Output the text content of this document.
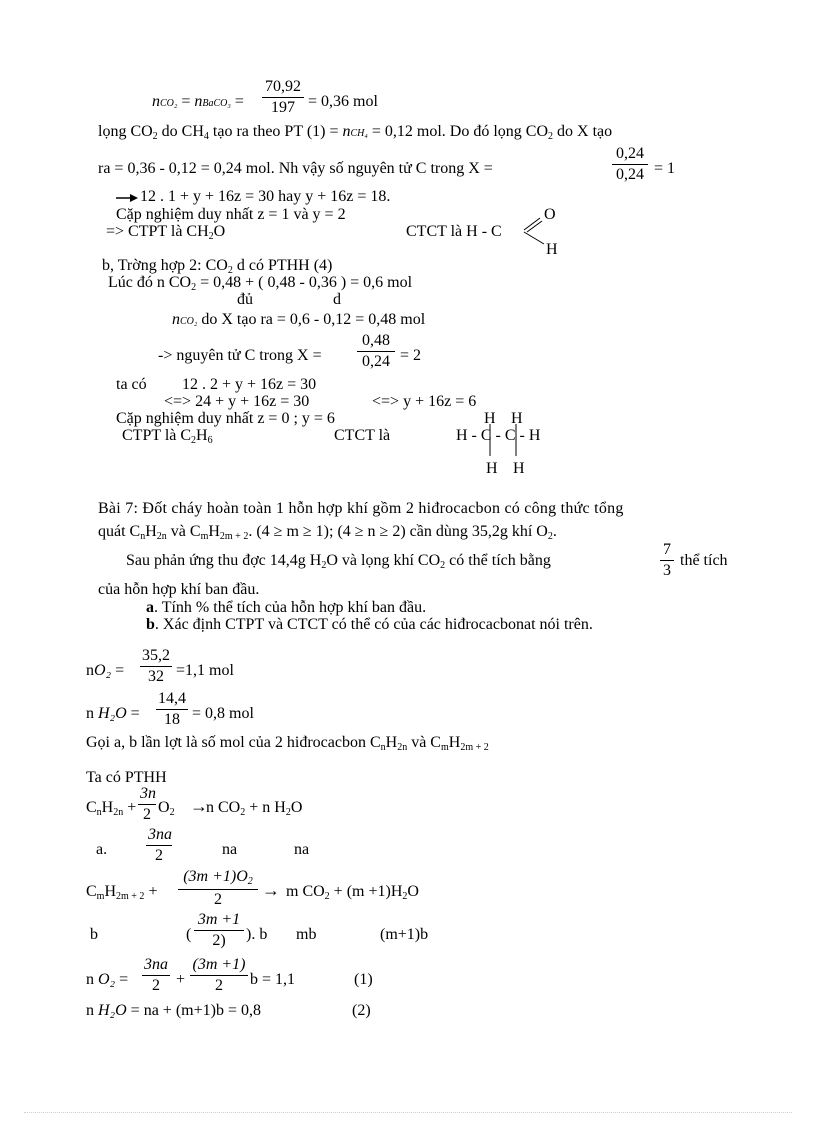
nCO₂ = nBaCO₃ =
70,92
197 = 0,36 mol
lọng $CO_2$ do $CH_4$ tạo ra theo PT (1) = nCH₄ = 0,12 mol. Do đó lọng $CO_2$ do X tạo
ra = 0,36 - 0,12 = 0,24 mol. Nh vậy số nguyên tử C trong X =
0,24
0,24 = 1
12 . 1 + y + 16z = 30 hay y + 16z = 18.
Cặp nghiệm duy nhất z = 1 và y = 2
=> CTPT là $CH_2O$	CTCT là H - C
O
H
b, Trờng hợp 2: $CO_2$ d có PTHH (4)
Lúc đó n $CO_2 = 0,48$ + ( 0,48 - 0,36 ) = 0,6 mol
đủ	d
nCO₂ do X tạo ra = 0,6 - 0,12 = 0,48 mol
-> nguyên tử C trong X =
0,48
0,24 = 2
ta có 12 . 2 + y + 16z = 30
<=> 24 + y + 16z = 30	<=> y + 16z = 6
Cặp nghiệm duy nhất z = 0 ; y = 6	H H
CTPT là $C_2H_6$	CTCT là	H - C - C - H
H H
Bài 7: Đốt cháy hoàn toàn 1 hỗn hợp khí gồm 2 hiđrocacbon có công thức tổng
quát $C_nH_{2n}$ và $C_mH_{2m + 2}$. (4 ≥ m ≥ 1); (4 ≥ n ≥ 2) cần dùng 35,2g khí $O_2$.
Sau phản ứng thu đợc 14,4g $H_2O$ và lọng khí $CO_2$ có thể tích bằng
7
3
thể tích
của hỗn hợp khí ban đầu.
a. Tính % thể tích của hỗn hợp khí ban đầu.
b. Xác định CTPT và CTCT có thể có của các hiđrocacbonat nói trên.
nO₂ =
35,2
32 =1,1 mol
n H₂O =
14,4
18 = 0,8 mol
Gọi a, b lần lợt là số mol của 2 hiđrocacbon $C_nH_{2n}$ và $C_mH_{2m + 2}$
Ta có PTHH
$C_nH_{2n}$ +
3n
2 $O_2$ →
n $CO_2 + n$ $H_2O$
a.
3na
2	na	na
$C_mH_{2m + 2}$ +
$(3m +1)O_2$
2	→ m $CO_2 + (m +1)H_2O$
b	(
3m +1
2)	). b mb	(m+1)b
n O₂ =
3na
2	+
(3m +1)
2	b = 1,1	(1)
n H₂O = na + (m+1)b = 0,8	(2)
